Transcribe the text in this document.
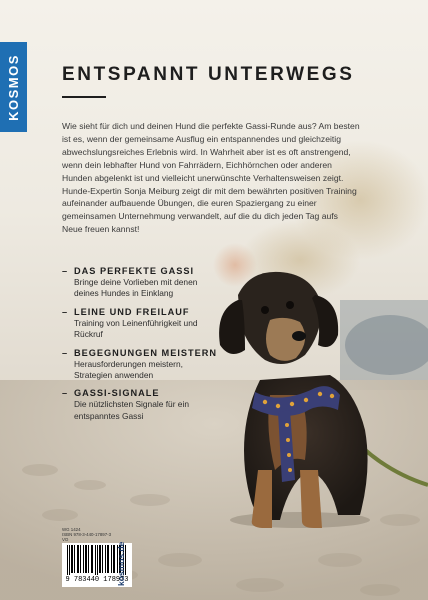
KOSMOS ENTSPANNT UNTERWEGS

Wie sieht für dich und deinen Hund die perfekte Gassi-Runde aus? Am besten ist es, wenn der gemeinsame Ausflug ein entspannendes und gleichzeitig abwechslungsreiches Erlebnis wird. In Wahrheit aber ist es oft anstrengend, wenn dein lebhafter Hund von Fahrrädern, Eichhörnchen oder anderen Hunden abgelenkt ist und vielleicht unerwünschte Verhaltensweisen zeigt. Hunde-Expertin Sonja Meiburg zeigt dir mit dem bewährten positiven Training aufeinander aufbauende Übungen, die euren Spaziergang zu einer gemeinsamen Unternehmung verwandelt, auf die du dich jeden Tag aufs Neue freuen kannst!

– DAS PERFEKTE GASSI
Bringe deine Vorlieben mit denen deines Hundes in Einklang
– LEINE UND FREILAUF
Training von Leinenführigkeit und Rückruf
– BEGEGNUNGEN MEISTERN
Herausforderungen meistern, Strategien anwenden
– GASSI-SIGNALE
Die nützlichsten Signale für ein entspanntes Gassi
WG 1424
ISBN 978-3-440-17897-3
VO
9 783440 178973
kosmos.de
